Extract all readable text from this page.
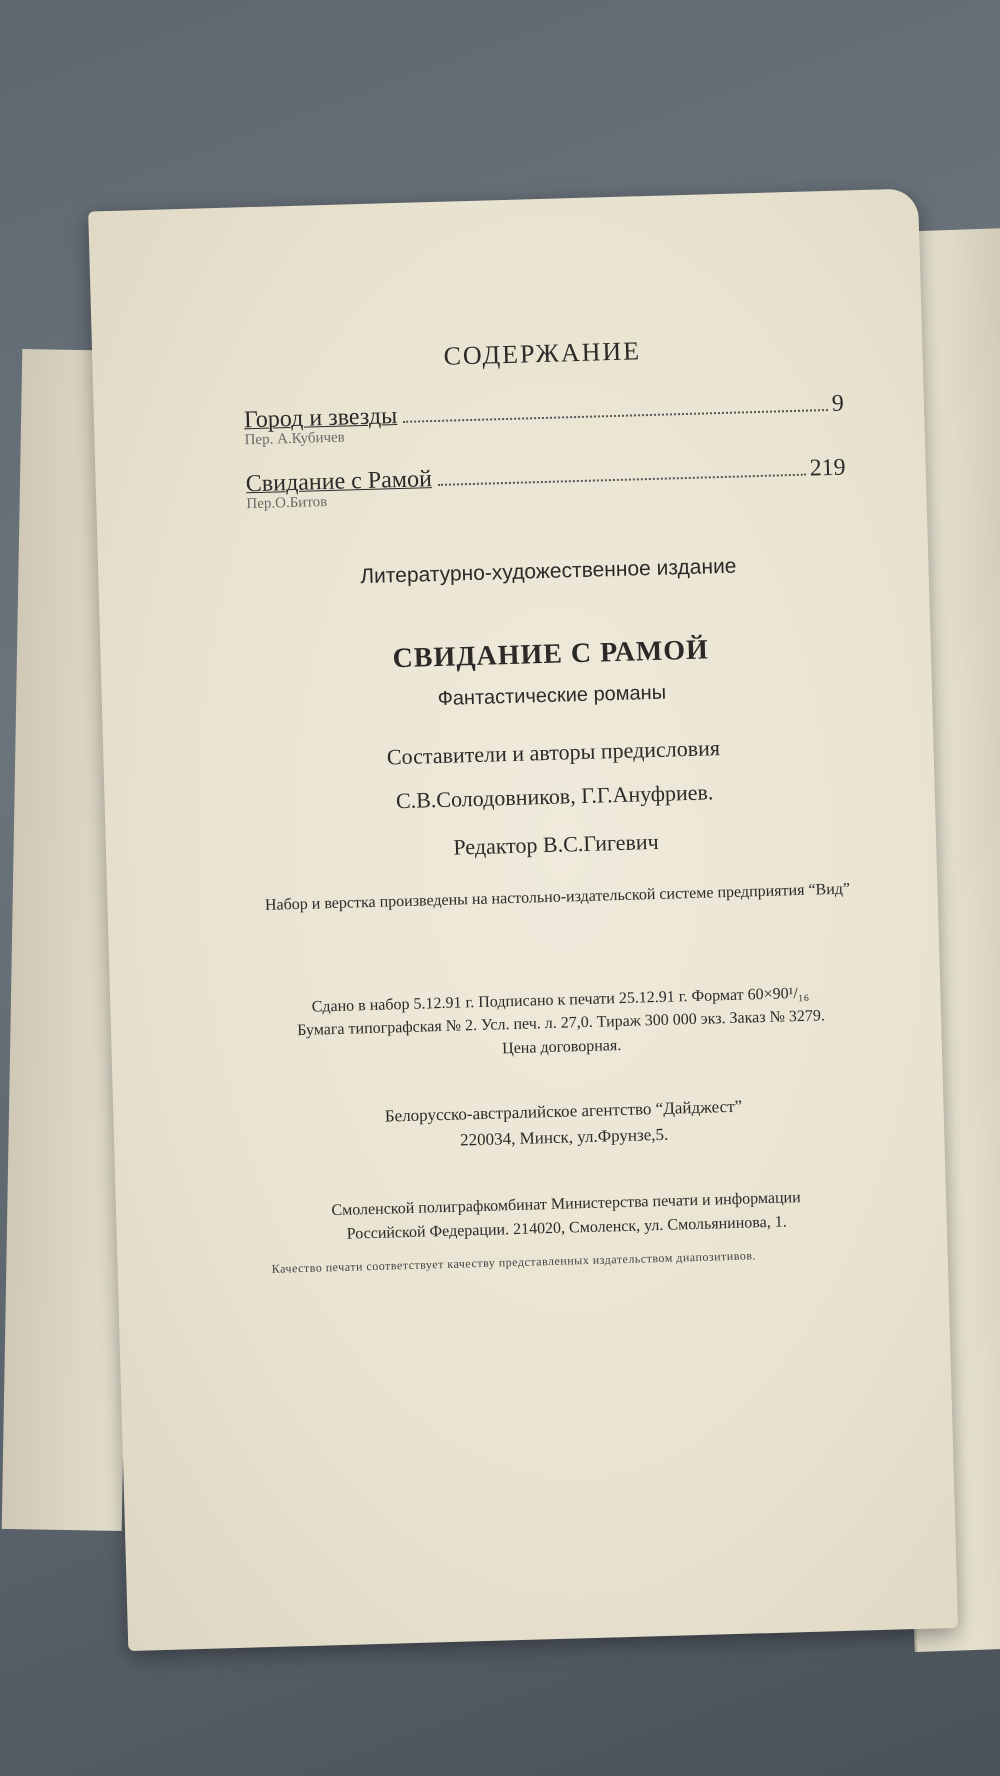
СОДЕРЖАНИЕ
Город и звезды	9
Пер. А.Кубичев
Свидание с Рамой	219
Пер.О.Битов
Литературно-художественное издание
СВИДАНИЕ С РАМОЙ
Фантастические романы
Составители и авторы предисловия
С.В.Солодовников, Г.Г.Ануфриев.
Редактор В.С.Гигевич
Набор и верстка произведены на настольно-издательской системе предприятия “Вид”
Сдано в набор 5.12.91 г. Подписано к печати 25.12.91 г. Формат 60×90¹/₁₆
Бумага типографская № 2. Усл. печ. л. 27,0. Тираж 300 000 экз. Заказ № 3279.
Цена договорная.
Белорусско-австралийское агентство “Дайджест”
220034, Минск, ул.Фрунзе,5.
Смоленской полиграфкомбинат Министерства печати и информации
Российской Федерации. 214020, Смоленск, ул. Смольянинова, 1.
Качество печати соответствует качеству представленных издательством диапозитивов.
